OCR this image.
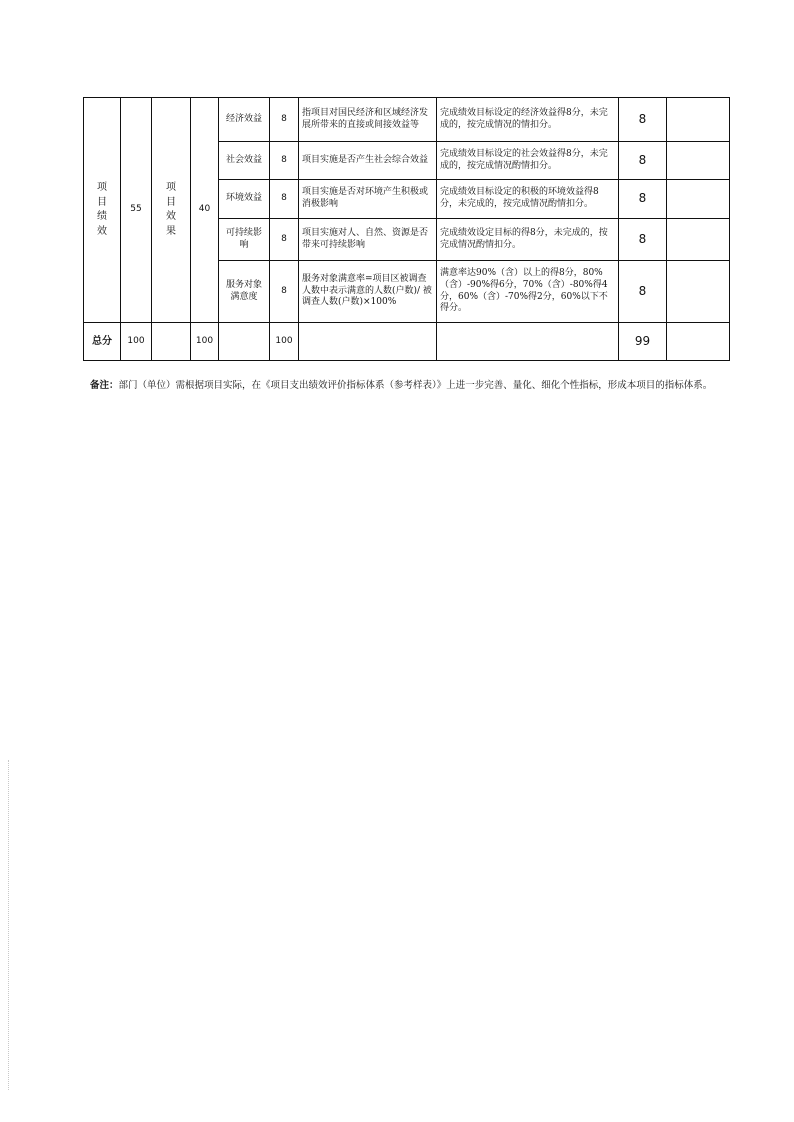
项目绩效	55	项目效果	40	经济效益	8	指项目对国民经济和区域经济发展所带来的直接或间接效益等	完成绩效目标设定的经济效益得8分，未完成的，按完成情况的情扣分。	8	
				社会效益	8	项目实施是否产生社会综合效益	完成绩效目标设定的社会效益得8分，未完成的，按完成情况酌情扣分。	8	
				环境效益	8	项目实施是否对环境产生积极或消极影响	完成绩效目标设定的积极的环境效益得8分，未完成的，按完成情况酌情扣分。	8	
				可持续影响	8	项目实施对人、自然、资源是否带来可持续影响	完成绩效设定目标的得8分，未完成的，按完成情况酌情扣分。	8	
				服务对象满意度	8	服务对象满意率=项目区被调查人数中表示满意的人数(户数)/ 被调查人数(户数)×100%	满意率达90%（含）以上的得8分，80%（含）-90%得6分，70%（含）-80%得4分，60%（含）-70%得2分，60%以下不得分。	8	
总分	100		100		100			99	
备注：部门（单位）需根据项目实际，在《项目支出绩效评价指标体系（参考样表）》上进一步完善、量化、细化个性指标，形成本项目的指标体系。
